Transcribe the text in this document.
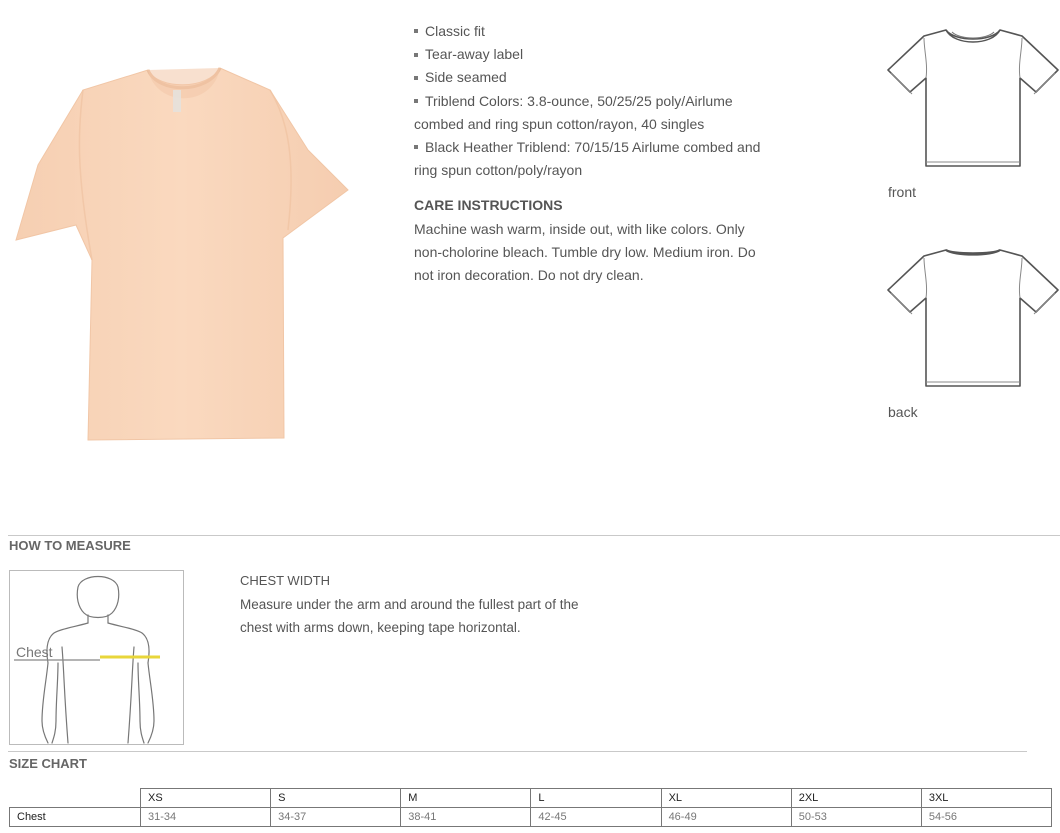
Classic fit

Tear-away label

Side seamed

Triblend Colors: 3.8-ounce, 50/25/25 poly/Airlume combed and ring spun cotton/rayon, 40 singles

Black Heather Triblend: 70/15/15 Airlume combed and ring spun cotton/poly/rayon

CARE INSTRUCTIONS
Machine wash warm, inside out, with like colors. Only non-cholorine bleach. Tumble dry low. Medium iron. Do not iron decoration. Do not dry clean.
front
back
HOW TO MEASURE
Chest
CHEST WIDTH
Measure under the arm and around the fullest part of the chest with arms down, keeping tape horizontal.
SIZE CHART
	XS	S	M	L	XL	2XL	3XL
Chest	31-34	34-37	38-41	42-45	46-49	50-53	54-56
